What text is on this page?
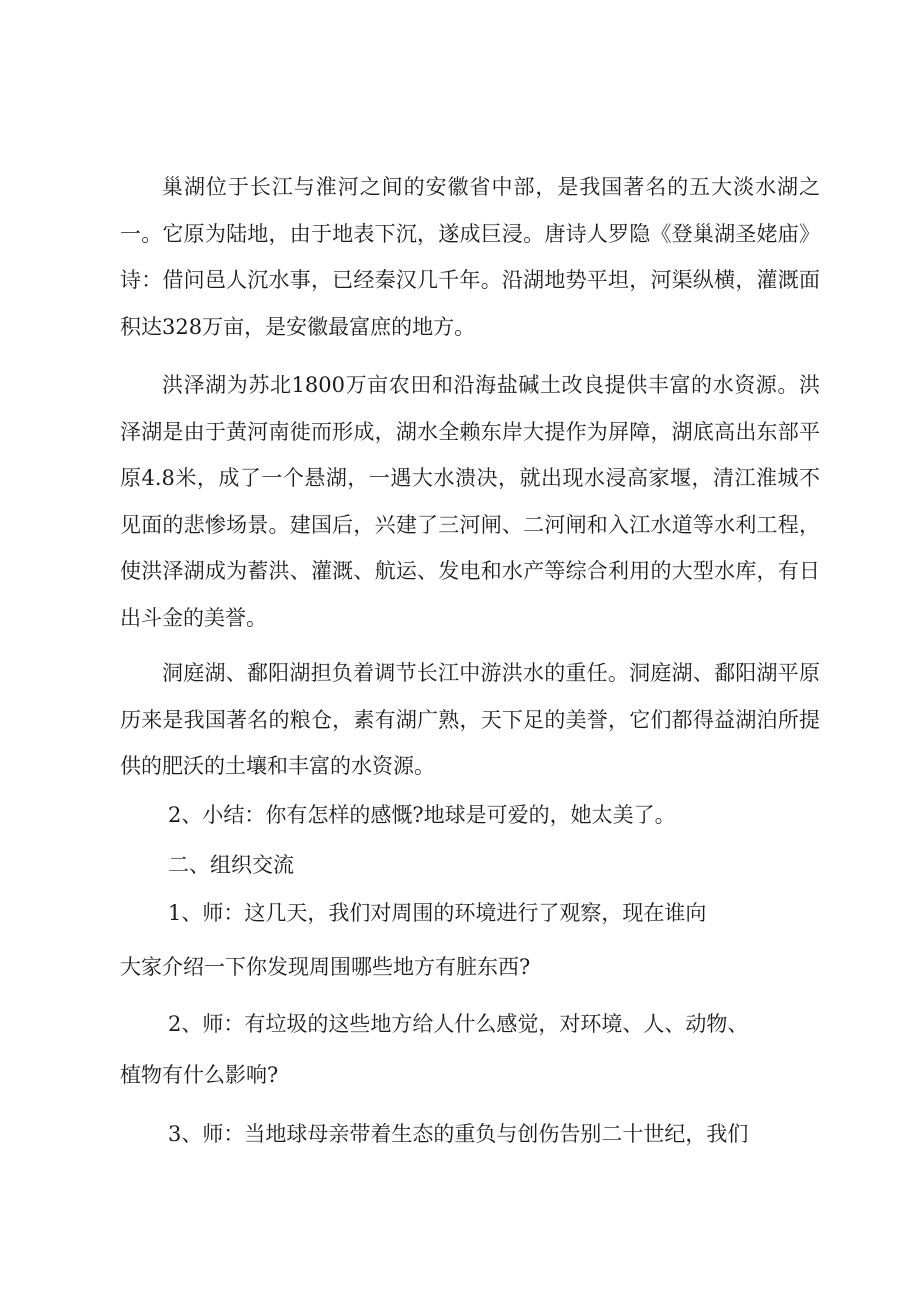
巢湖位于长江与淮河之间的安徽省中部，是我国著名的五大淡水湖之一。它原为陆地，由于地表下沉，遂成巨浸。唐诗人罗隐《登巢湖圣姥庙》诗：借问邑人沉水事，已经秦汉几千年。沿湖地势平坦，河渠纵横，灌溉面积达328万亩，是安徽最富庶的地方。

洪泽湖为苏北1800万亩农田和沿海盐碱土改良提供丰富的水资源。洪泽湖是由于黄河南徙而形成，湖水全赖东岸大提作为屏障，湖底高出东部平原4.8米，成了一个悬湖，一遇大水溃决，就出现水浸高家堰，清江淮城不见面的悲惨场景。建国后，兴建了三河闸、二河闸和入江水道等水利工程，使洪泽湖成为蓄洪、灌溉、航运、发电和水产等综合利用的大型水库，有日出斗金的美誉。

洞庭湖、鄱阳湖担负着调节长江中游洪水的重任。洞庭湖、鄱阳湖平原历来是我国著名的粮仓，素有湖广熟，天下足的美誉，它们都得益湖泊所提供的肥沃的土壤和丰富的水资源。

2、小结：你有怎样的感慨?地球是可爱的，她太美了。

二、组织交流

1、师：这几天，我们对周围的环境进行了观察，现在谁向

大家介绍一下你发现周围哪些地方有脏东西?

2、师：有垃圾的这些地方给人什么感觉，对环境、人、动物、

植物有什么影响?

3、师：当地球母亲带着生态的重负与创伤告别二十世纪，我们
